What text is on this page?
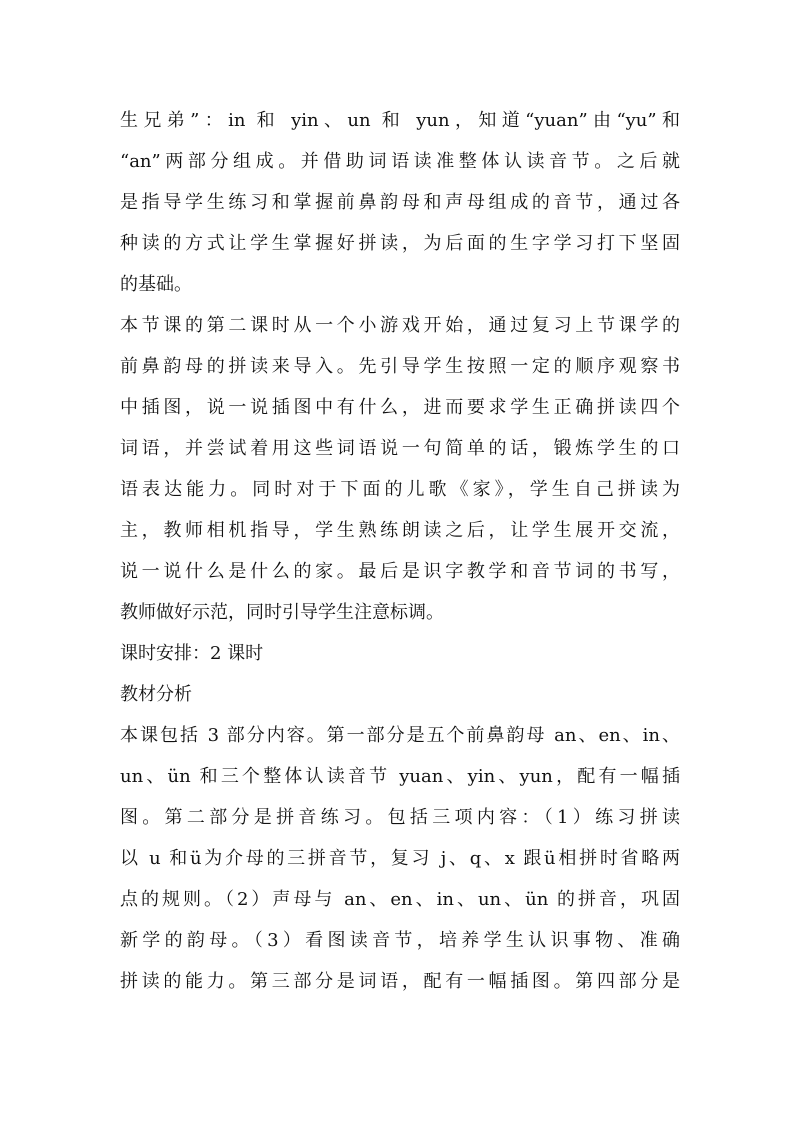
生兄弟”：in 和 yin、un 和 yun，知道“yuan”由“yu”和
“an”两部分组成。并借助词语读准整体认读音节。之后就
是指导学生练习和掌握前鼻韵母和声母组成的音节，通过各
种读的方式让学生掌握好拼读，为后面的生字学习打下坚固
的基础。
本节课的第二课时从一个小游戏开始，通过复习上节课学的
前鼻韵母的拼读来导入。先引导学生按照一定的顺序观察书
中插图，说一说插图中有什么，进而要求学生正确拼读四个
词语，并尝试着用这些词语说一句简单的话，锻炼学生的口
语表达能力。同时对于下面的儿歌《家》，学生自己拼读为
主，教师相机指导，学生熟练朗读之后，让学生展开交流，
说一说什么是什么的家。最后是识字教学和音节词的书写，
教师做好示范，同时引导学生注意标调。
课时安排：2 课时
教材分析
本课包括 3 部分内容。第一部分是五个前鼻韵母 an、en、in、
un、ün 和三个整体认读音节 yuan、yin、yun，配有一幅插
图。第二部分是拼音练习。包括三项内容：（1）练习拼读
以 u 和ü为介母的三拼音节，复习 j、q、x 跟ü相拼时省略两
点的规则。（2）声母与 an、en、in、un、ün 的拼音，巩固
新学的韵母。（3）看图读音节，培养学生认识事物、准确
拼读的能力。第三部分是词语，配有一幅插图。第四部分是
